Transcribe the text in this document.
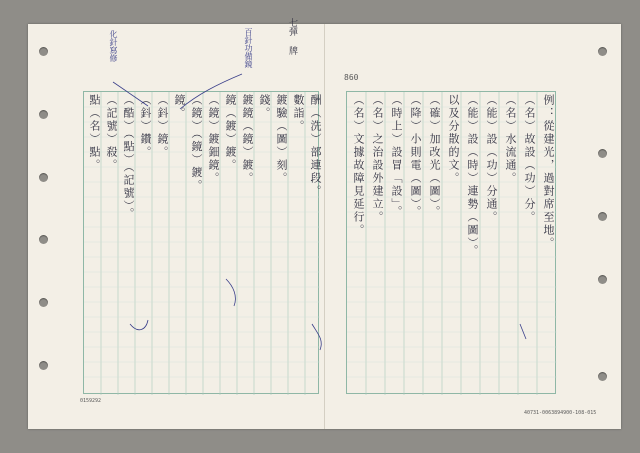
七彈 牌
化針寫修	百針功備鏡
點（名）點。 （記號）殺。 （酷）（點）（記號）。 （鈄）鑽。 （鈄）鏡。 鏡。 （鏡）（鏡）鍍。 （鏡）鍍鈿鏡。 鏡（鍍）鍍。 鍍鏡（鏡）鍍。 錢。 鍍驗（圖）刻。 數詣。 酬（洗）部連段。
860
（名）文據故障見延行。 （名）之治設外建立。 （時上）設冒「設」。 （降）小則電（圖）。 （確）加改光（圖）。 以及分散的文。 （能）設（時）連勢（圖）。 （能）設（功）分通。 （名）水流通。 （名）故設（功）分。 例：從建光，過對席至地。
0159292
40731-0063894900-108-015
